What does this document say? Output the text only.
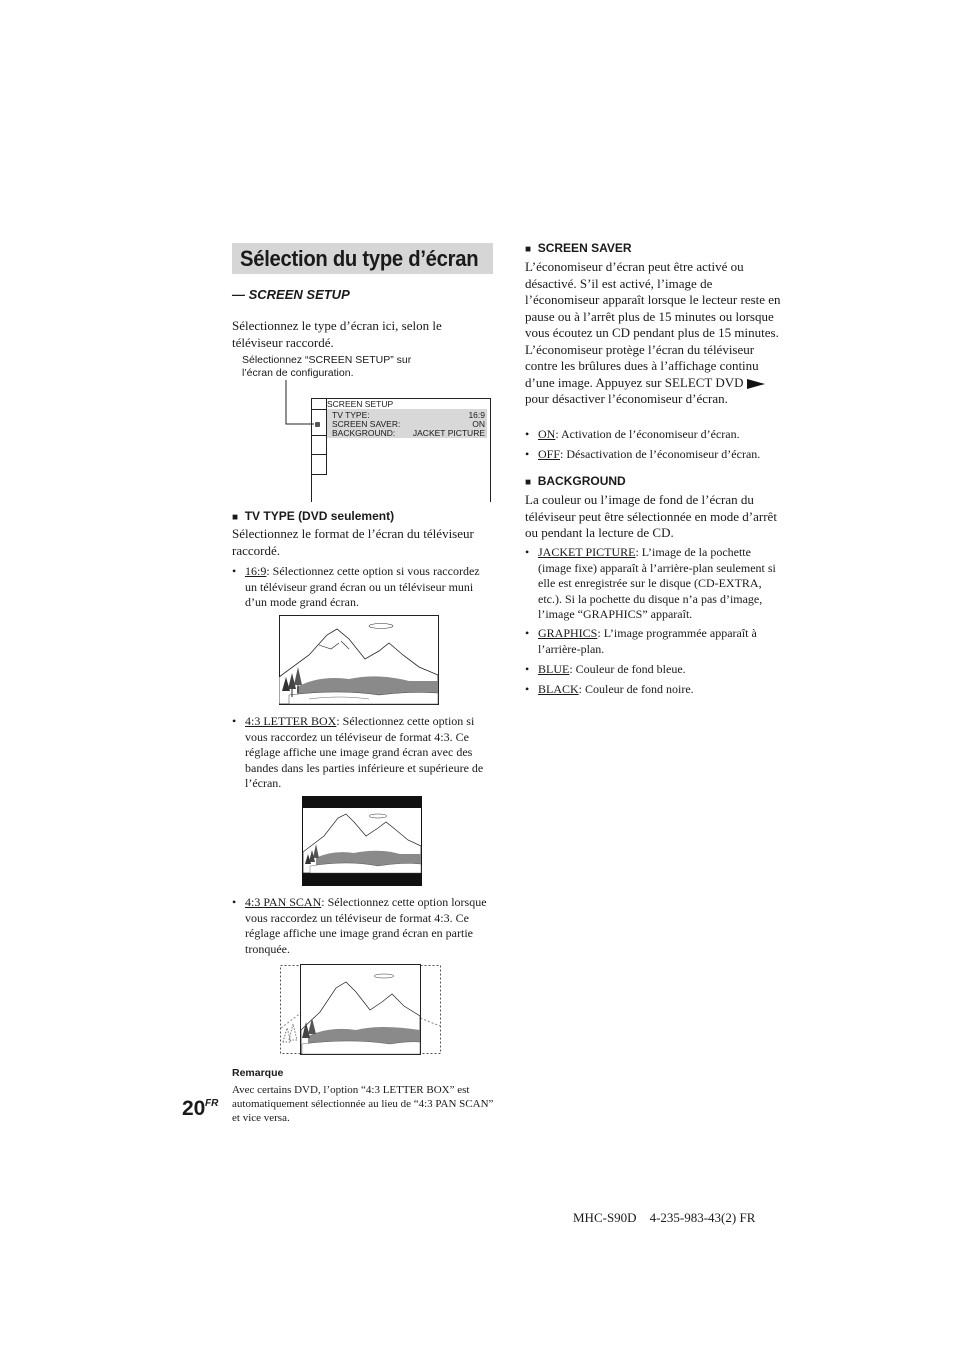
Sélection du type d’écran
— SCREEN SETUP
Sélectionnez le type d’écran ici, selon le téléviseur raccordé.
Sélectionnez “SCREEN SETUP” sur
l’écran de configuration.
SCREEN SETUP
TV TYPE:	16:9
SCREEN SAVER:	ON
BACKGROUND: JACKET PICTURE
■ TV TYPE (DVD seulement)
Sélectionnez le format de l’écran du téléviseur raccordé.
• 16:9: Sélectionnez cette option si vous raccordez un téléviseur grand écran ou un téléviseur muni d’un mode grand écran.
• 4:3 LETTER BOX: Sélectionnez cette option si vous raccordez un téléviseur de format 4:3. Ce réglage affiche une image grand écran avec des bandes dans les parties inférieure et supérieure de l’écran.
• 4:3 PAN SCAN: Sélectionnez cette option lorsque vous raccordez un téléviseur de format 4:3. Ce réglage affiche une image grand écran en partie tronquée.
Remarque
Avec certains DVD, l’option “4:3 LETTER BOX” est automatiquement sélectionnée au lieu de “4:3 PAN SCAN” et vice versa.
20 FR
■ SCREEN SAVER
L’économiseur d’écran peut être activé ou désactivé. S’il est activé, l’image de l’économiseur apparaît lorsque le lecteur reste en pause ou à l’arrêt plus de 15 minutes ou lorsque vous écoutez un CD pendant plus de 15 minutes. L’économiseur protège l’écran du téléviseur contre les brûlures dues à l’affichage continu d’une image. Appuyez sur SELECT DVD  pour désactiver l’économiseur d’écran.
• ON: Activation de l’économiseur d’écran.
• OFF: Désactivation de l’économiseur d’écran.
■ BACKGROUND
La couleur ou l’image de fond de l’écran du téléviseur peut être sélectionnée en mode d’arrêt ou pendant la lecture de CD.
• JACKET PICTURE: L’image de la pochette (image fixe) apparaît à l’arrière-plan seulement si elle est enregistrée sur le disque (CD-EXTRA, etc.). Si la pochette du disque n’a pas d’image, l’image “GRAPHICS” apparaît.
• GRAPHICS: L’image programmée apparaît à l’arrière-plan.
• BLUE: Couleur de fond bleue.
• BLACK: Couleur de fond noire.
MHC-S90D    4-235-983-43(2) FR
